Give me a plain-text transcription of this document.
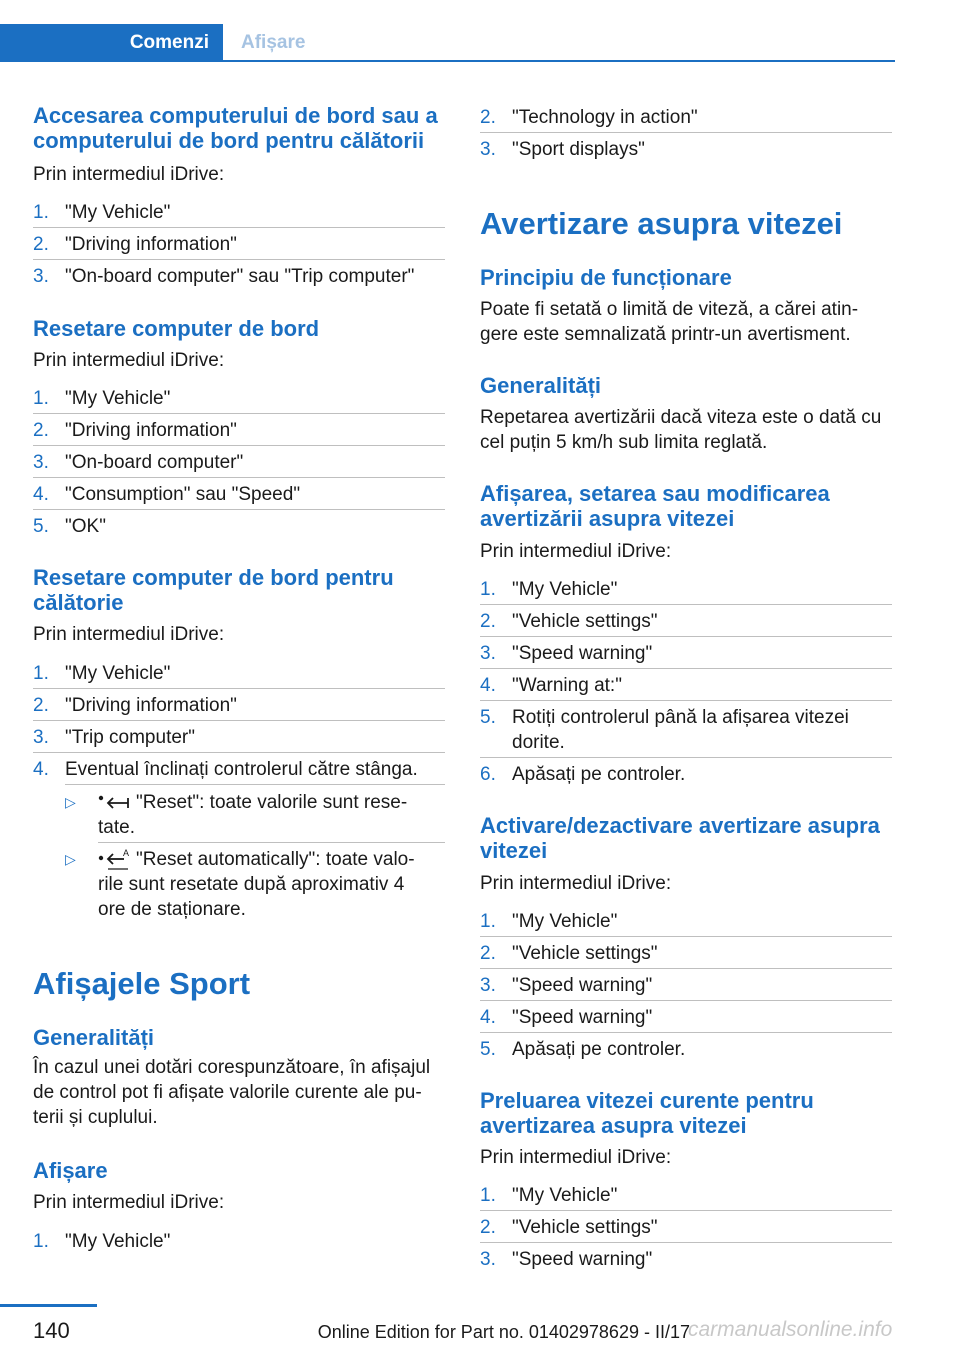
Comenzi	Afișare
Accesarea computerului de bord sau a
computerului de bord pentru călătorii
Prin intermediul iDrive:
1. "My Vehicle"
2. "Driving information"
3. "On-board computer" sau "Trip computer"
Resetare computer de bord
Prin intermediul iDrive:
1. "My Vehicle"
2. "Driving information"
3. "On-board computer"
4. "Consumption" sau "Speed"
5. "OK"
Resetare computer de bord pentru
călătorie
Prin intermediul iDrive:
1. "My Vehicle"
2. "Driving information"
3. "Trip computer"
4. Eventual înclinați controlerul către stânga.
▷	"Reset": toate valorile sunt rese-
tate.
▷	A "Reset automatically": toate valo-
rile sunt resetate după aproximativ 4
ore de staționare.
Afișajele Sport
Generalități
În cazul unei dotări corespunzătoare, în afișajul
de control pot fi afișate valorile curente ale pu-
terii și cuplului.
Afișare
Prin intermediul iDrive:
1. "My Vehicle"
2. "Technology in action"
3. "Sport displays"
Avertizare asupra vitezei
Principiu de funcționare
Poate fi setată o limită de viteză, a cărei atin-
gere este semnalizată printr-un avertisment.
Generalități
Repetarea avertizării dacă viteza este o dată cu
cel puțin 5 km/h sub limita reglată.
Afișarea, setarea sau modificarea
avertizării asupra vitezei
Prin intermediul iDrive:
1. "My Vehicle"
2. "Vehicle settings"
3. "Speed warning"
4. "Warning at:"
5. Rotiți controlerul până la afișarea vitezei
dorite.
6. Apăsați pe controler.
Activare/dezactivare avertizare asupra
vitezei
Prin intermediul iDrive:
1. "My Vehicle"
2. "Vehicle settings"
3. "Speed warning"
4. "Speed warning"
5. Apăsați pe controler.
Preluarea vitezei curente pentru
avertizarea asupra vitezei
Prin intermediul iDrive:
1. "My Vehicle"
2. "Vehicle settings"
3. "Speed warning"
140	Online Edition for Part no. 01402978629 - II/17
carmanualsonline.info
